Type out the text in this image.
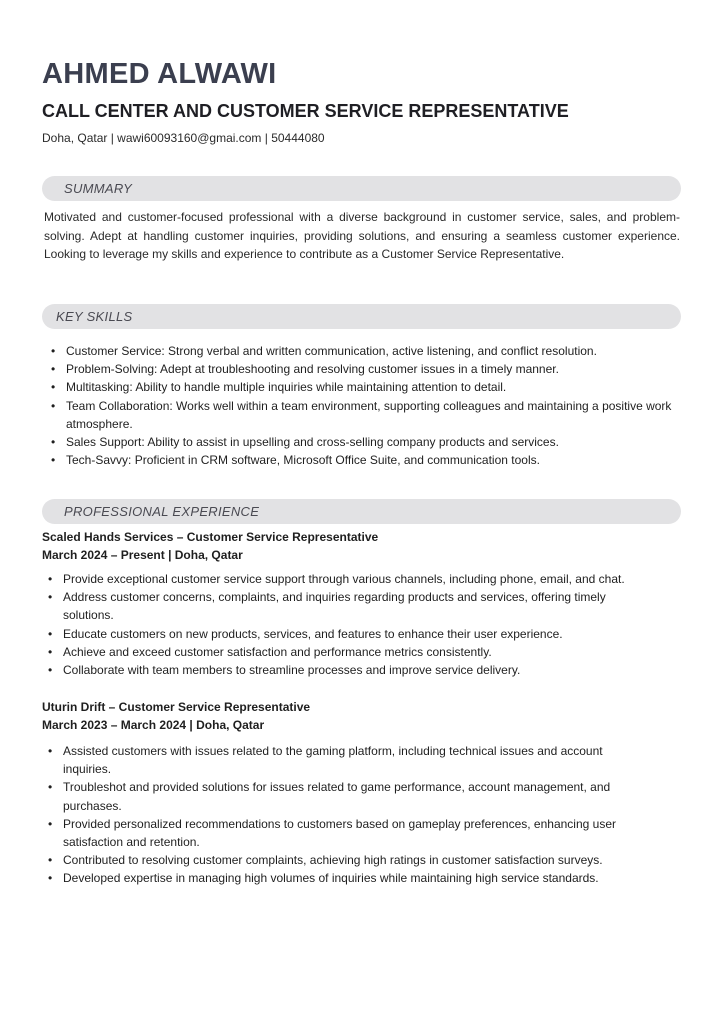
AHMED ALWAWI
CALL CENTER AND CUSTOMER SERVICE REPRESENTATIVE
Doha, Qatar | wawi60093160@gmai.com | 50444080
SUMMARY

Motivated and customer-focused professional with a diverse background in customer service, sales, and problem-solving. Adept at handling customer inquiries, providing solutions, and ensuring a seamless customer experience. Looking to leverage my skills and experience to contribute as a Customer Service Representative.

KEY SKILLS
• Customer Service: Strong verbal and written communication, active listening, and conflict resolution.
• Problem-Solving: Adept at troubleshooting and resolving customer issues in a timely manner.
• Multitasking: Ability to handle multiple inquiries while maintaining attention to detail.
• Team Collaboration: Works well within a team environment, supporting colleagues and maintaining a positive work atmosphere.
• Sales Support: Ability to assist in upselling and cross-selling company products and services.
• Tech-Savvy: Proficient in CRM software, Microsoft Office Suite, and communication tools.
PROFESSIONAL EXPERIENCE
Scaled Hands Services – Customer Service Representative
March 2024 – Present | Doha, Qatar
• Provide exceptional customer service support through various channels, including phone, email, and chat.
• Address customer concerns, complaints, and inquiries regarding products and services, offering timely solutions.
• Educate customers on new products, services, and features to enhance their user experience.
• Achieve and exceed customer satisfaction and performance metrics consistently.
• Collaborate with team members to streamline processes and improve service delivery.
Uturin Drift – Customer Service Representative
March 2023 – March 2024 | Doha, Qatar
• Assisted customers with issues related to the gaming platform, including technical issues and account inquiries.
• Troubleshot and provided solutions for issues related to game performance, account management, and purchases.
• Provided personalized recommendations to customers based on gameplay preferences, enhancing user satisfaction and retention.
• Contributed to resolving customer complaints, achieving high ratings in customer satisfaction surveys.
• Developed expertise in managing high volumes of inquiries while maintaining high service standards.
